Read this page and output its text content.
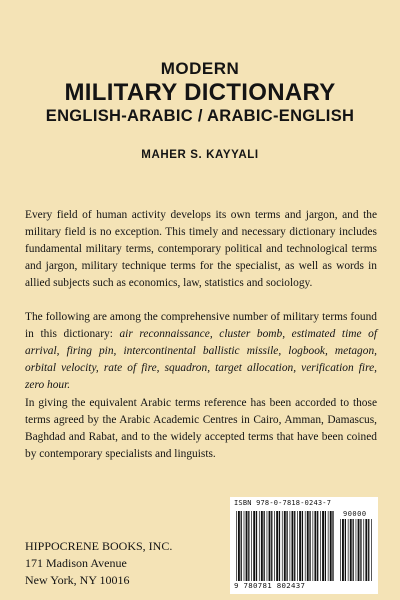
MODERN
MILITARY DICTIONARY
ENGLISH-ARABIC / ARABIC-ENGLISH
MAHER S. KAYYALI

Every field of human activity develops its own terms and jargon, and the military field is no exception. This timely and necessary dictionary includes fundamental military terms, contemporary political and technological terms and jargon, military technique terms for the specialist, as well as words in allied subjects such as economics, law, statistics and sociology.

The following are among the comprehensive number of military terms found in this dictionary: air reconnaissance, cluster bomb, estimated time of arrival, firing pin, intercontinental ballistic missile, logbook, metagon, orbital velocity, rate of fire, squadron, target allocation, verification fire, zero hour.

In giving the equivalent Arabic terms reference has been accorded to those terms agreed by the Arabic Academic Centres in Cairo, Amman, Damascus, Baghdad and Rabat, and to the widely accepted terms that have been coined by contemporary specialists and linguists.

HIPPOCRENE BOOKS, INC.
171 Madison Avenue
New York, NY 10016
ISBN 978-0-7818-0243-7
90000
9 780781 802437
